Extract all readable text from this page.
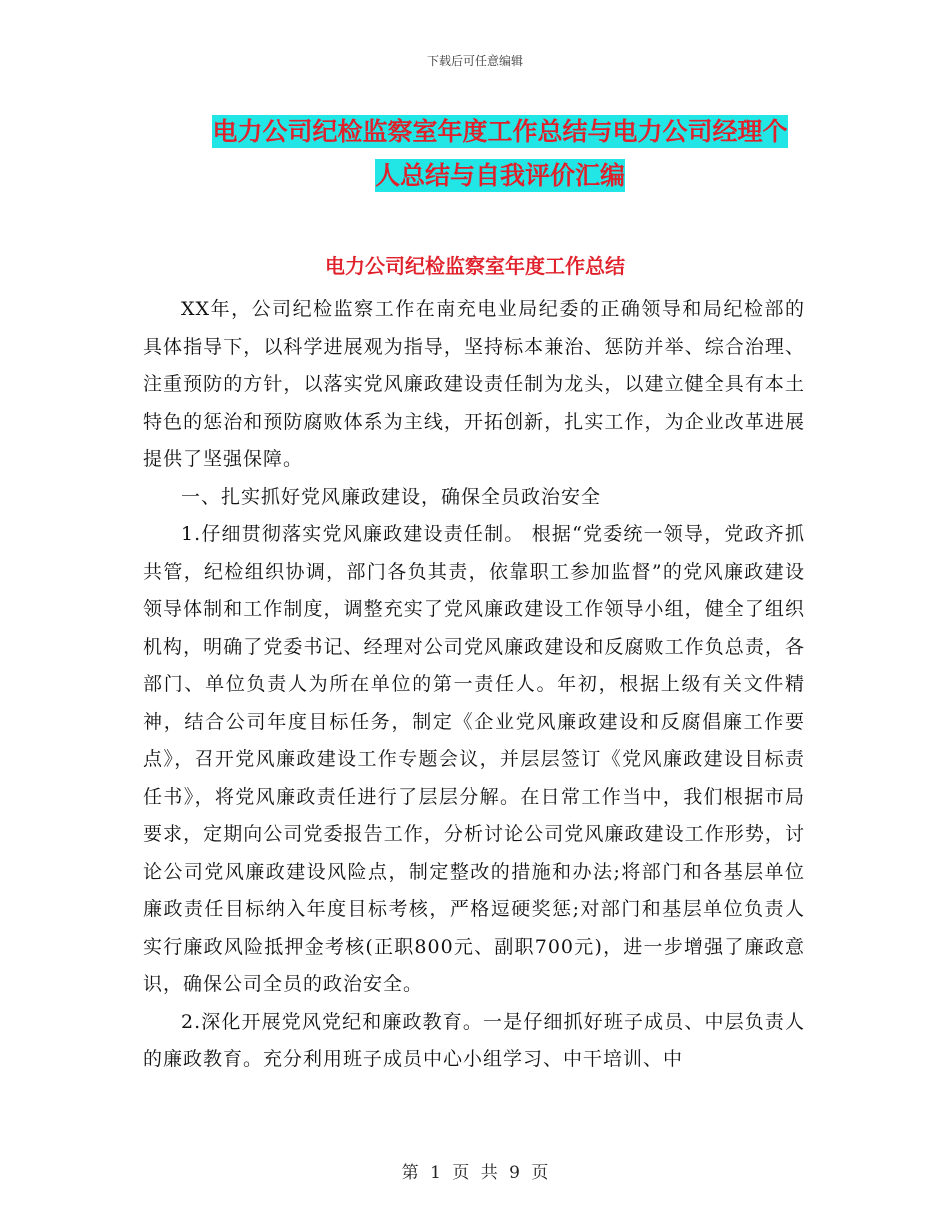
下载后可任意编辑
电力公司纪检监察室年度工作总结与电力公司经理个
人总结与自我评价汇编
电力公司纪检监察室年度工作总结

XX年，公司纪检监察工作在南充电业局纪委的正确领导和局纪检部的具体指导下，以科学进展观为指导，坚持标本兼治、惩防并举、综合治理、注重预防的方针，以落实党风廉政建设责任制为龙头，以建立健全具有本土特色的惩治和预防腐败体系为主线，开拓创新，扎实工作，为企业改革进展提供了坚强保障。

一、扎实抓好党风廉政建设，确保全员政治安全

1.仔细贯彻落实党风廉政建设责任制。 根据“党委统一领导，党政齐抓共管，纪检组织协调，部门各负其责，依靠职工参加监督”的党风廉政建设领导体制和工作制度，调整充实了党风廉政建设工作领导小组，健全了组织机构，明确了党委书记、经理对公司党风廉政建设和反腐败工作负总责，各部门、单位负责人为所在单位的第一责任人。年初，根据上级有关文件精神，结合公司年度目标任务，制定《企业党风廉政建设和反腐倡廉工作要点》，召开党风廉政建设工作专题会议，并层层签订《党风廉政建设目标责任书》，将党风廉政责任进行了层层分解。在日常工作当中，我们根据市局要求，定期向公司党委报告工作，分析讨论公司党风廉政建设工作形势，讨论公司党风廉政建设风险点，制定整改的措施和办法;将部门和各基层单位廉政责任目标纳入年度目标考核，严格逗硬奖惩;对部门和基层单位负责人实行廉政风险抵押金考核(正职800元、副职700元)，进一步增强了廉政意识，确保公司全员的政治安全。

2.深化开展党风党纪和廉政教育。一是仔细抓好班子成员、中层负责人的廉政教育。充分利用班子成员中心小组学习、中干培训、中

第 1 页 共 9 页
